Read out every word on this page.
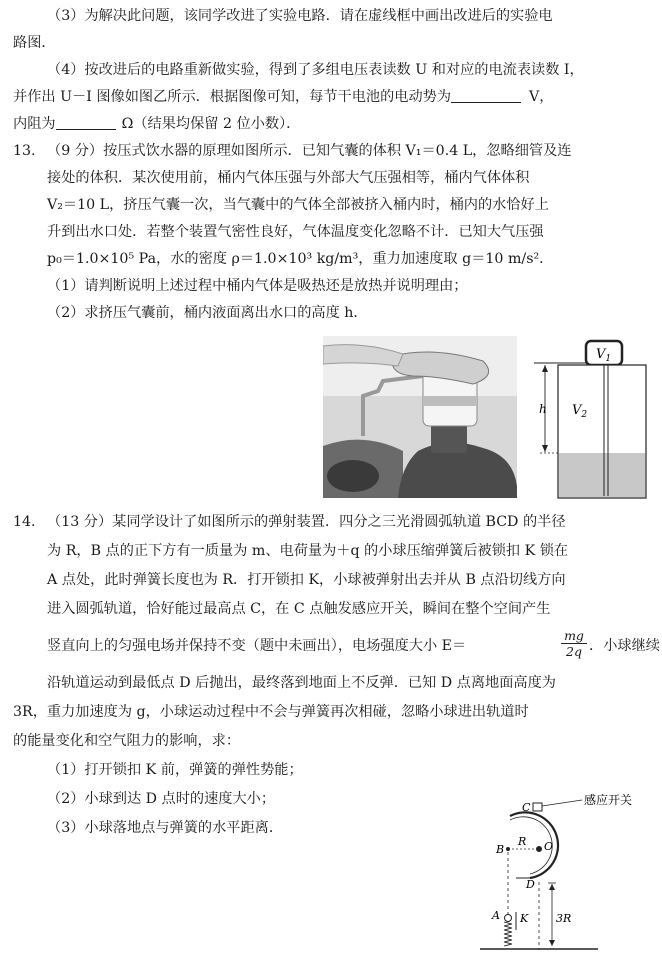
（3）为解决此问题，该同学改进了实验电路．请在虚线框中画出改进后的实验电
路图．
（4）按改进后的电路重新做实验，得到了多组电压表读数 U 和对应的电流表读数 I，
并作出 U－I 图像如图乙所示．根据图像可知，每节干电池的电动势为	V，
内阻为	Ω（结果均保留 2 位小数）．
13. （9 分）按压式饮水器的原理如图所示．已知气囊的体积 V₁＝0.4 L，忽略细管及连
接处的体积．某次使用前，桶内气体压强与外部大气压强相等，桶内气体体积
V₂＝10 L，挤压气囊一次，当气囊中的气体全部被挤入桶内时，桶内的水恰好上
升到出水口处．若整个装置气密性良好，气体温度变化忽略不计．已知大气压强
p₀＝1.0×10⁵ Pa，水的密度 ρ＝1.0×10³ kg/m³，重力加速度取 g＝10 m/s²．
（1）请判断说明上述过程中桶内气体是吸热还是放热并说明理由；
（2）求挤压气囊前，桶内液面离出水口的高度 h．
$V_1$
h $V_2$
14. （13 分）某同学设计了如图所示的弹射装置．四分之三光滑圆弧轨道 BCD 的半径
为 R，B 点的正下方有一质量为 m、电荷量为＋q 的小球压缩弹簧后被锁扣 K 锁在
A 点处，此时弹簧长度也为 R．打开锁扣 K，小球被弹射出去并从 B 点沿切线方向
进入圆弧轨道，恰好能过最高点 C，在 C 点触发感应开关，瞬间在整个空间产生
竖直向上的匀强电场并保持不变（题中未画出），电场强度大小 E＝	$\frac{mg}{2q}$ ．小球继续
沿轨道运动到最低点 D 后抛出，最终落到地面上不反弹．已知 D 点离地面高度为
3R，重力加速度为 g，小球运动过程中不会与弹簧再次相碰，忽略小球进出轨道时
的能量变化和空气阻力的影响，求：
（1）打开锁扣 K 前，弹簧的弹性势能；
（2）小球到达 D 点时的速度大小；
（3）小球落地点与弹簧的水平距离．
C
感应开关
O
R
B
D
3R
A K
